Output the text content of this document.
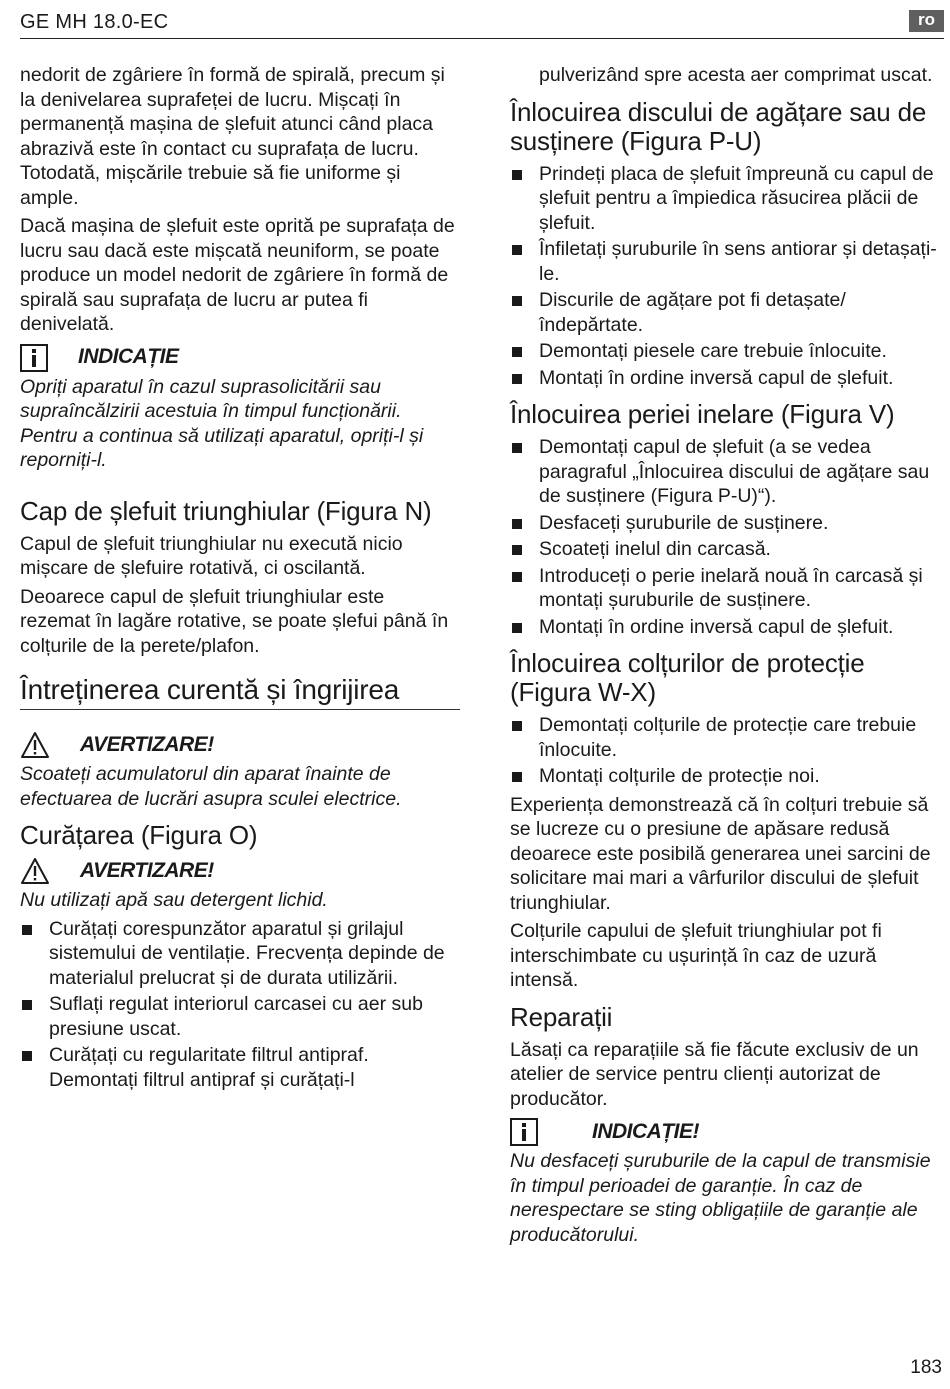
GE MH 18.0-EC	ro

nedorit de zgâriere în formă de spirală, precum și la denivelarea suprafeței de lucru. Mișcați în permanență mașina de șlefuit atunci când placa abrazivă este în contact cu suprafața de lucru. Totodată, mișcările trebuie să fie uniforme și ample.

Dacă mașina de șlefuit este oprită pe suprafața de lucru sau dacă este mișcată neuniform, se poate produce un model nedorit de zgâriere în formă de spirală sau suprafața de lucru ar putea fi denivelată.

INDICAȚIE
Opriți aparatul în cazul suprasolicitării sau supraîncălzirii acestuia în timpul funcționării.
Pentru a continua să utilizați aparatul, opriți-l și reporniți-l.
Cap de șlefuit triunghiular (Figura N)

Capul de șlefuit triunghiular nu execută nicio mișcare de șlefuire rotativă, ci oscilantă.

Deoarece capul de șlefuit triunghiular este rezemat în lagăre rotative, se poate șlefui până în colțurile de la perete/plafon.

Întreținerea curentă și îngrijirea
AVERTIZARE!
Scoateți acumulatorul din aparat înainte de efectuarea de lucrări asupra sculei electrice.
Curățarea (Figura O)
AVERTIZARE!
Nu utilizați apă sau detergent lichid.
Curățați corespunzător aparatul și grilajul sistemului de ventilație. Frecvența depinde de materialul prelucrat și de durata utilizării.
Suflați regulat interiorul carcasei cu aer sub presiune uscat.
Curățați cu regularitate filtrul antipraf. Demontați filtrul antipraf și curățați-l

pulverizând spre acesta aer comprimat uscat.

Înlocuirea discului de agățare sau de susținere (Figura P-U)
Prindeți placa de șlefuit împreună cu capul de șlefuit pentru a împiedica răsucirea plăcii de șlefuit.
Înfiletați șuruburile în sens antiorar și detașați-le.
Discurile de agățare pot fi detașate/ îndepărtate.
Demontați piesele care trebuie înlocuite.
Montați în ordine inversă capul de șlefuit.
Înlocuirea periei inelare (Figura V)
Demontați capul de șlefuit (a se vedea paragraful „Înlocuirea discului de agățare sau de susținere (Figura P-U)“).
Desfaceți șuruburile de susținere.
Scoateți inelul din carcasă.
Introduceți o perie inelară nouă în carcasă și montați șuruburile de susținere.
Montați în ordine inversă capul de șlefuit.
Înlocuirea colțurilor de protecție (Figura W-X)
Demontați colțurile de protecție care trebuie înlocuite.
Montați colțurile de protecție noi.

Experiența demonstrează că în colțuri trebuie să se lucreze cu o presiune de apăsare redusă deoarece este posibilă generarea unei sarcini de solicitare mai mari a vârfurilor discului de șlefuit triunghiular.

Colțurile capului de șlefuit triunghiular pot fi interschimbate cu ușurință în caz de uzură intensă.

Reparații

Lăsați ca reparațiile să fie făcute exclusiv de un atelier de service pentru clienți autorizat de producător.

INDICAȚIE!
Nu desfaceți șuruburile de la capul de transmisie în timpul perioadei de garanție. În caz de nerespectare se sting obligațiile de garanție ale producătorului.
183
